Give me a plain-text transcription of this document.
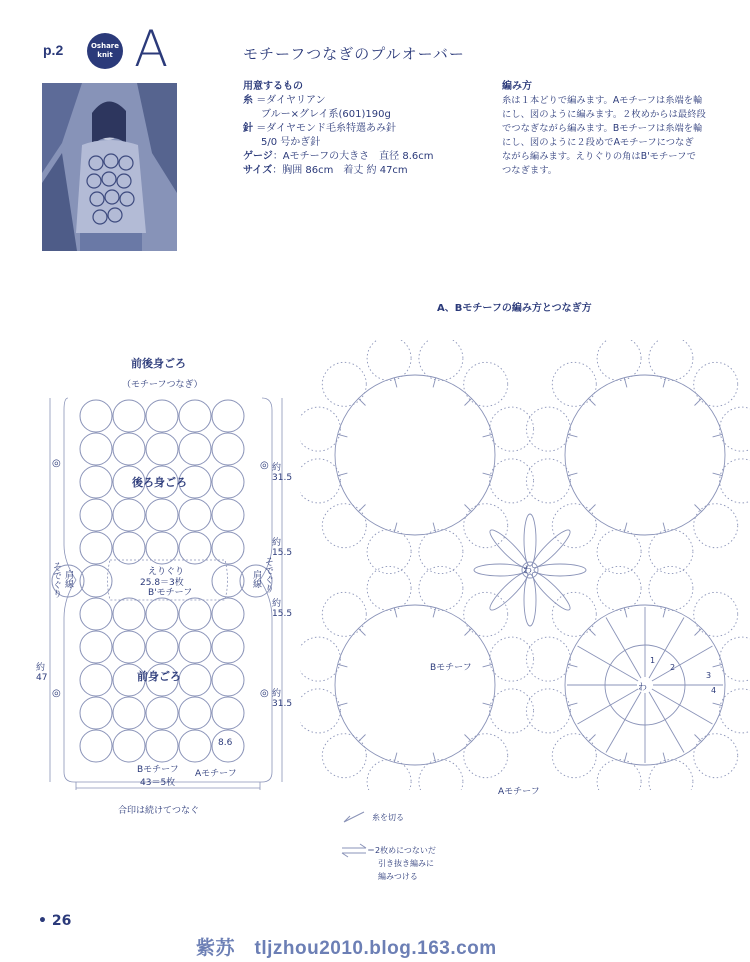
p.2	Oshare
knit A	モチーフつなぎのプルオーバー
用意するもの
糸 ＝ダイヤリアン
ブルー×グレイ系(601)190g
針 ＝ダイヤモンド毛糸特選あみ針
5/0 号かぎ針
ゲージ：Aモチーフの大きさ　直径 8.6cm
サイズ：胸囲 86cm　着丈 約 47cm
編み方
糸は１本どりで編みます。Aモチーフは糸端を輪
にし、図のように編みます。２枚めからは最終段
でつなぎながら編みます。Bモチーフは糸端を輪
にし、図のように２段めでAモチーフにつなぎ
ながら編みます。えりぐりの角はB'モチーフで
つなぎます。
前後身ごろ
（モチーフつなぎ）
後ろ身ごろ
前身ごろ
えりぐり
25.8＝3枚
B'モチーフ
Bモチーフ Aモチーフ
43＝5枚
8.6
肩線	肩線
そでぐり	そでぐり
約 31.5
約 15.5
約 15.5
約 31.5
約 47
合印は続けてつなぐ
◎
◎
◎
◎
A、Bモチーフの編み方とつなぎ方
Bモチーフ
Aモチーフ
わ
わ
1
2
3
4
糸を切る
＝2枚めにつないだ
引き抜き編みに
編みつける
• 26
紫苏　tljzhou2010.blog.163.com
